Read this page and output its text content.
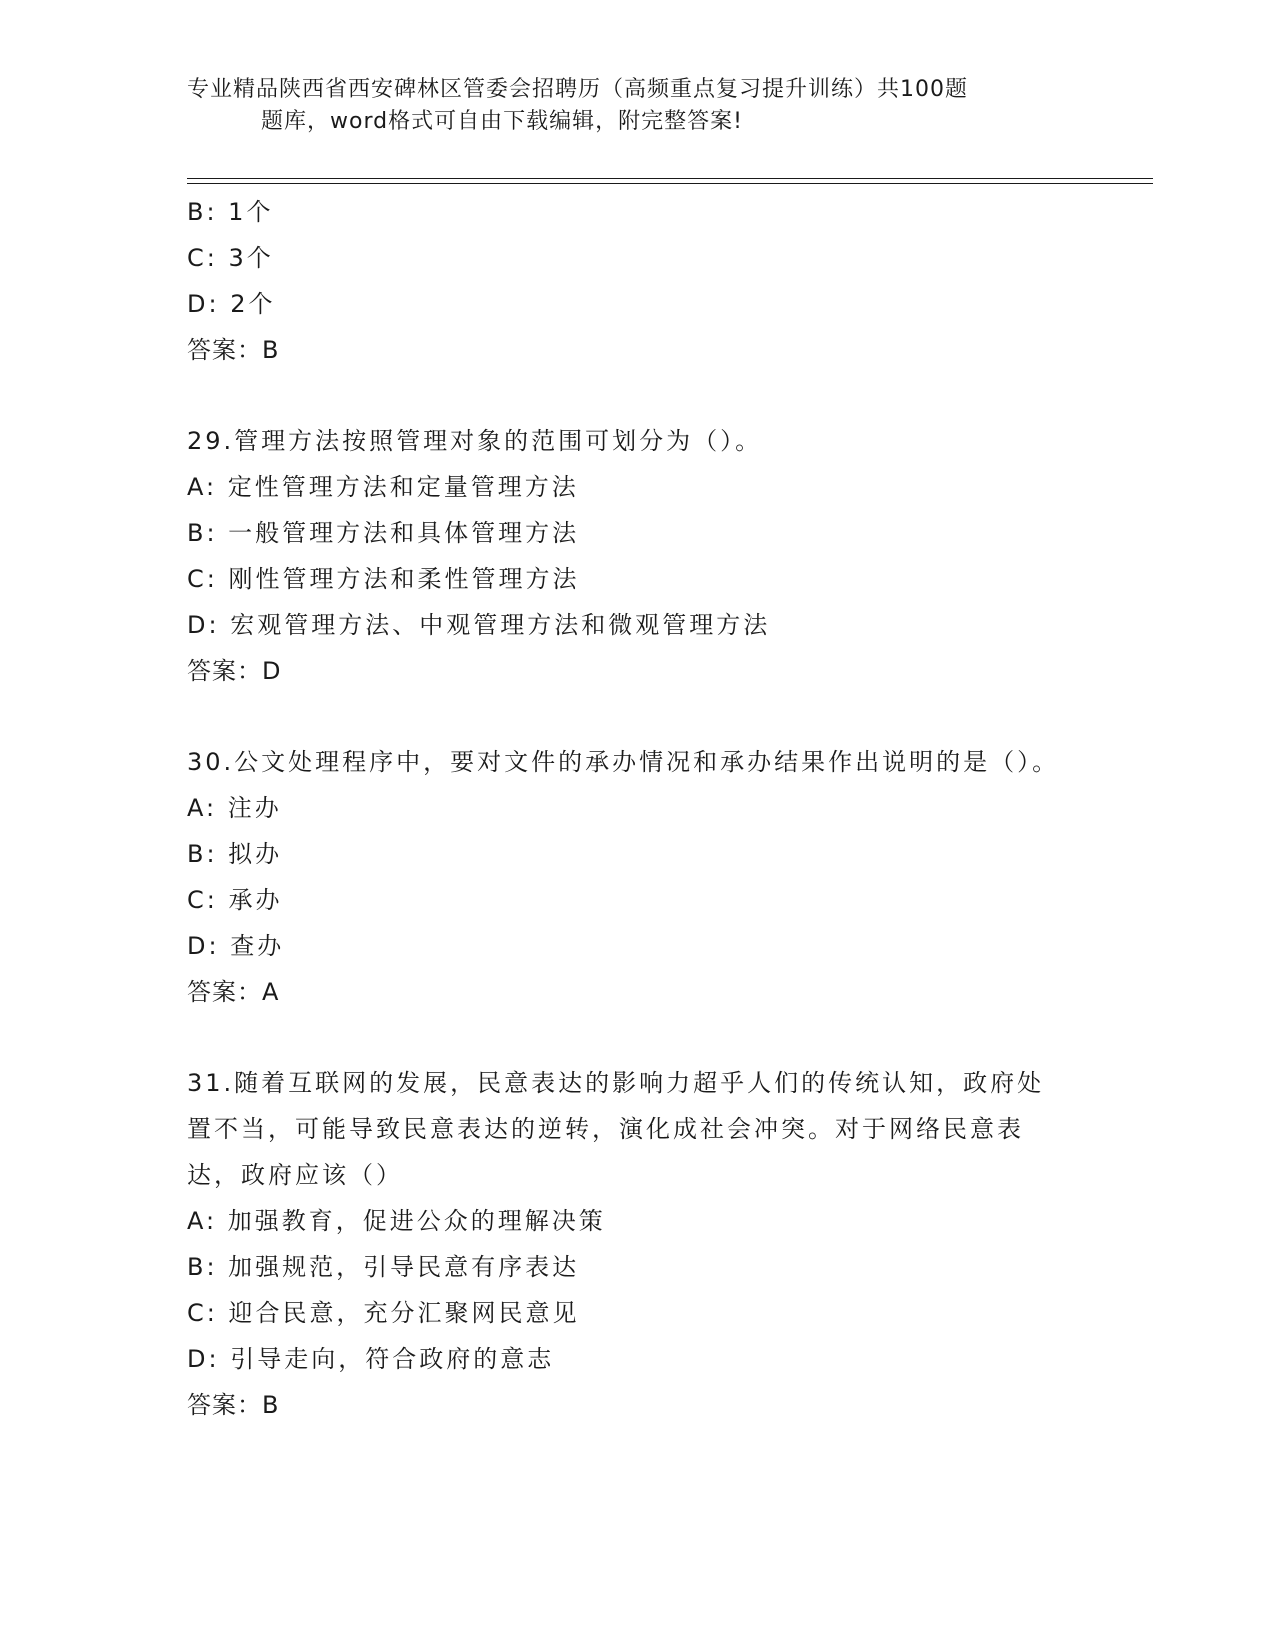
专业精品陕西省西安碑林区管委会招聘历（高频重点复习提升训练）共100题
题库，word格式可自由下载编辑，附完整答案!
B: 1个
C: 3个
D: 2个
答案：B
29.管理方法按照管理对象的范围可划分为（）。
A: 定性管理方法和定量管理方法
B: 一般管理方法和具体管理方法
C: 刚性管理方法和柔性管理方法
D: 宏观管理方法、中观管理方法和微观管理方法
答案：D
30.公文处理程序中，要对文件的承办情况和承办结果作出说明的是（）。
A: 注办
B: 拟办
C: 承办
D: 查办
答案：A
31.随着互联网的发展，民意表达的影响力超乎人们的传统认知，政府处置不当，可能导致民意表达的逆转，演化成社会冲突。对于网络民意表达，政府应该（）
A: 加强教育，促进公众的理解决策
B: 加强规范，引导民意有序表达
C: 迎合民意，充分汇聚网民意见
D: 引导走向，符合政府的意志
答案：B
